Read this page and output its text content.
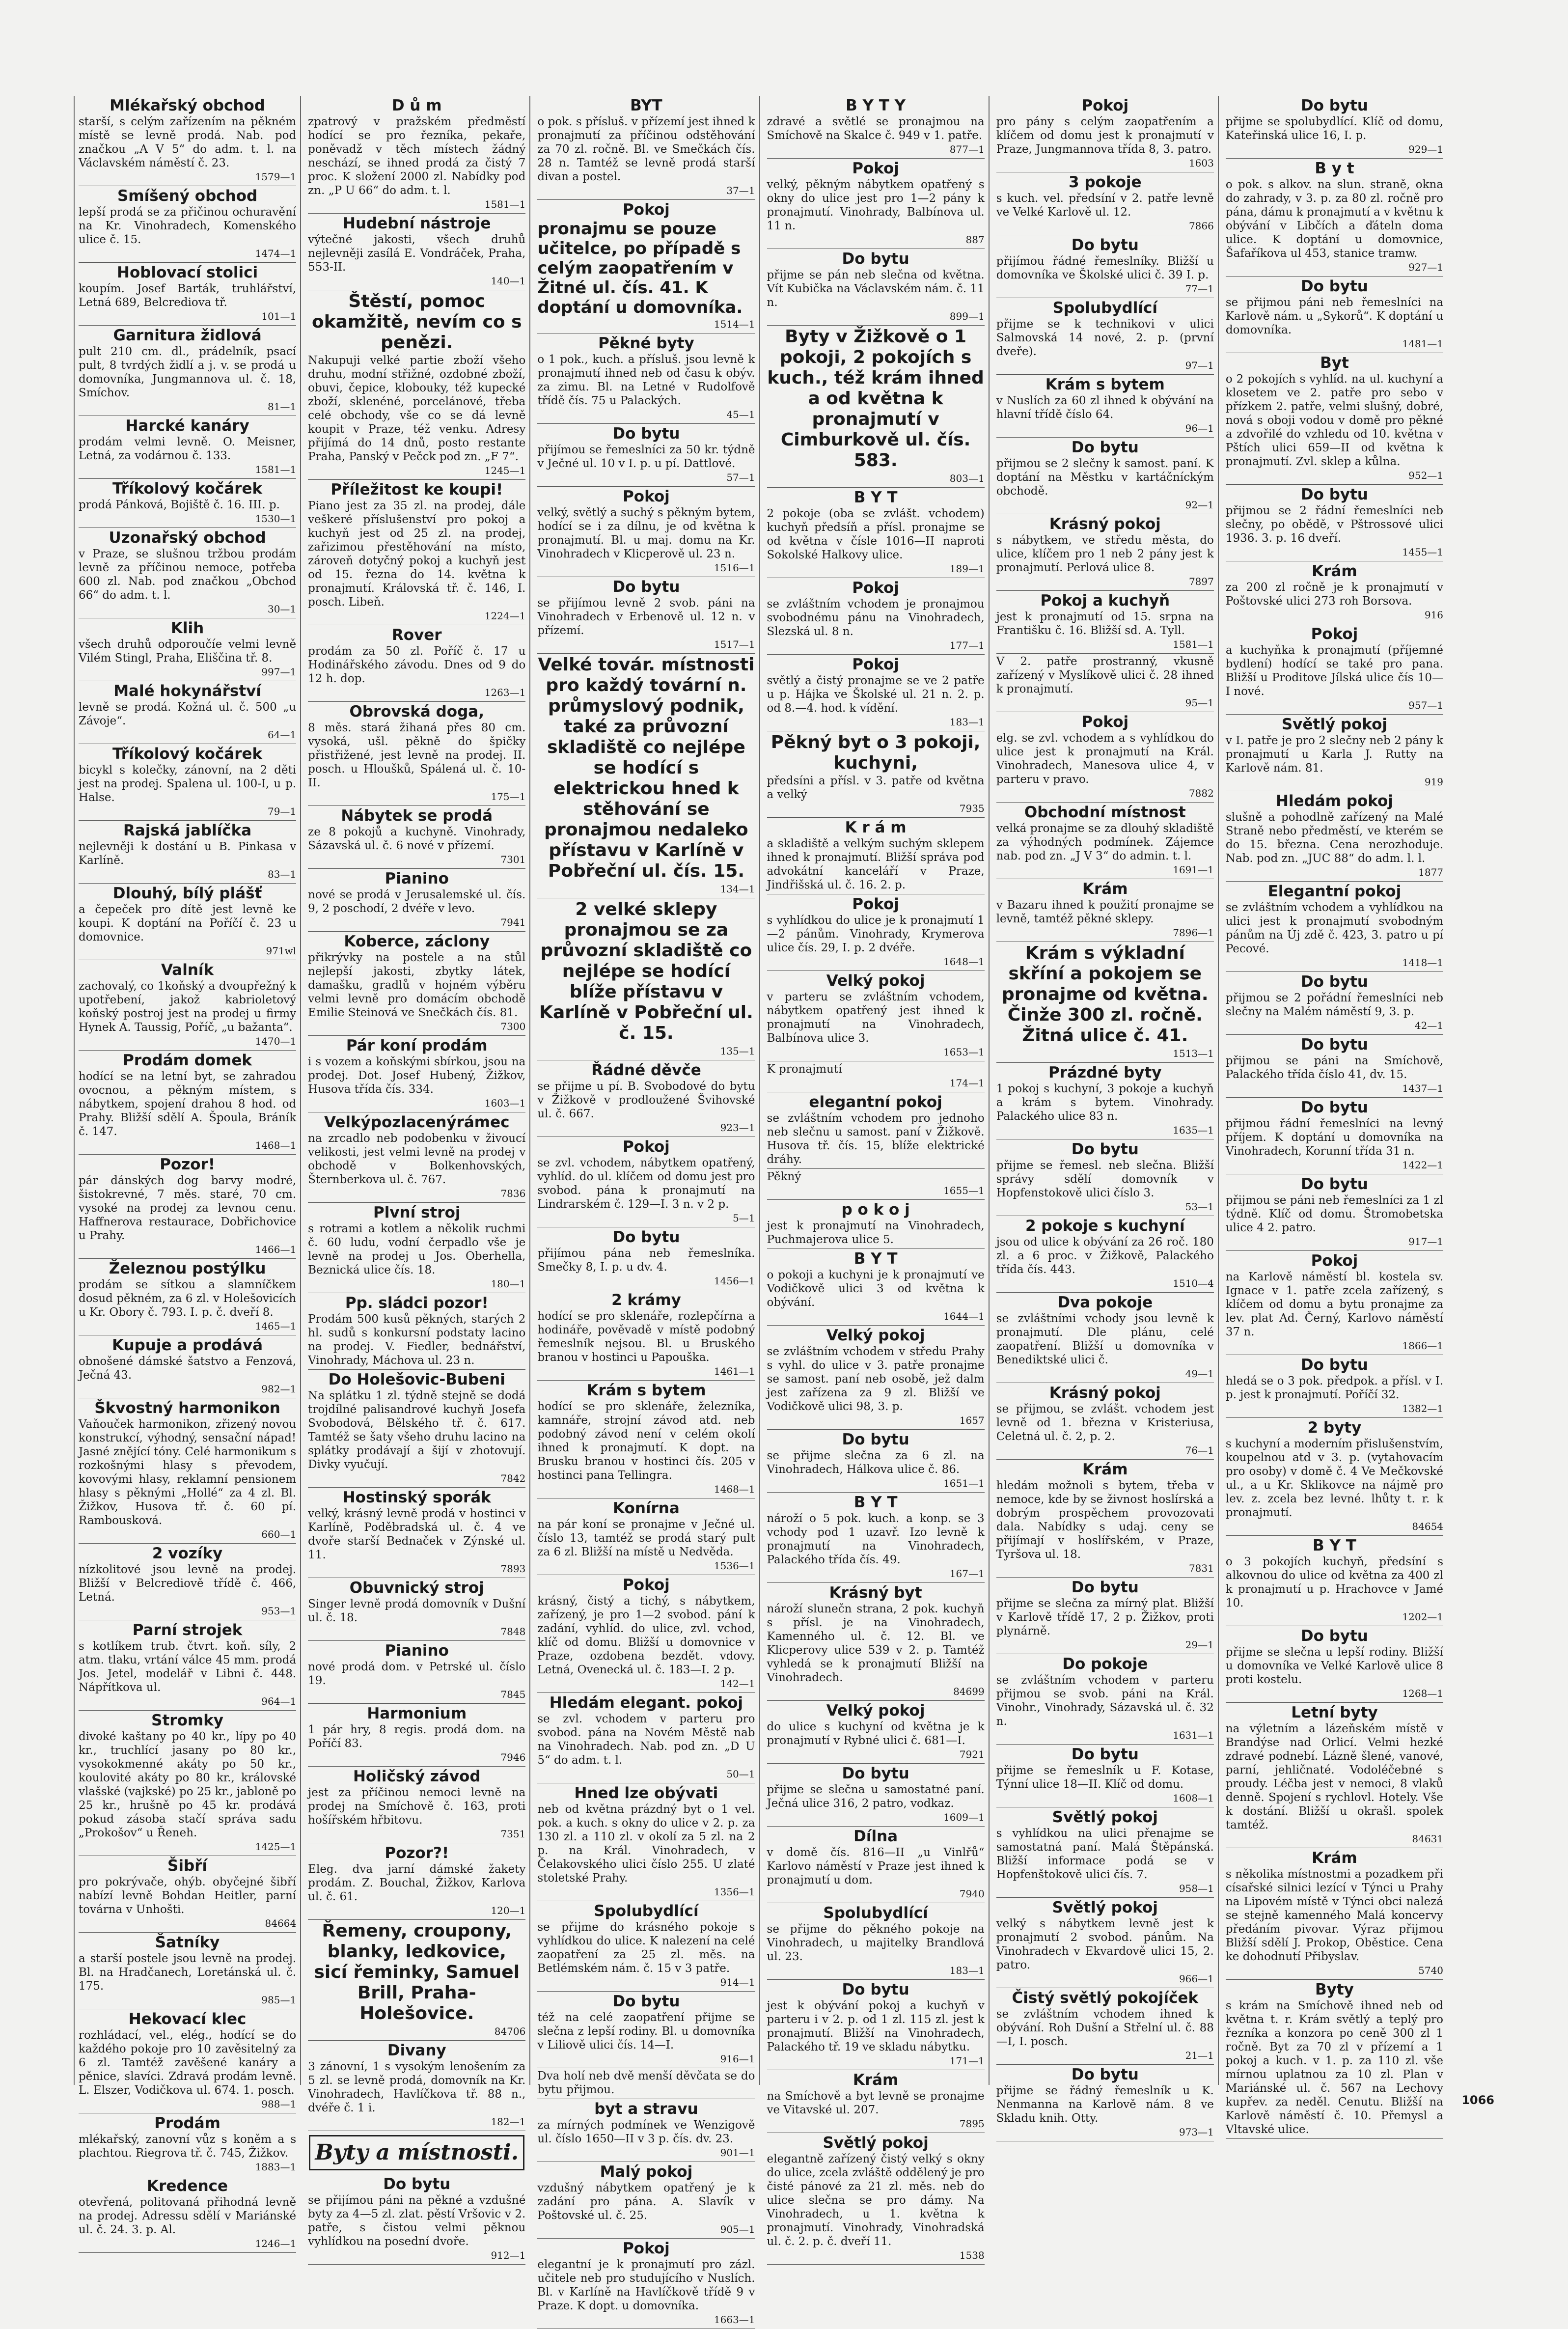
Mlékařský obchod
starší, s celým zařízením na pěkném místě se levně prodá. Nab. pod značkou „A V 5“ do adm. t. l. na Václavském náměstí č. 23.
1579—1
Smíšený obchod
lepší prodá se za přičinou ochuravění na Kr. Vinohradech, Komenského ulice č. 15.
1474—1
Hoblovací stolici
koupím. Josef Barták, truhlářství, Letná 689, Belcrediova tř.
101—1
Garnitura židlová
pult 210 cm. dl., prádelník, psací pult, 8 tvrdých židlí a j. v. se prodá u domovníka, Jungmannova ul. č. 18, Smíchov.
81—1
Harcké kanáry
prodám velmi levně. O. Meisner, Letná, za vodárnou č. 133.
1581—1
Tříkolový kočárek
prodá Pánková, Bojiště č. 16. III. p.
1530—1
Uzonařský obchod
v Praze, se slušnou tržbou prodám levně za příčinou nemoce, potřeba 600 zl. Nab. pod značkou „Obchod 66“ do adm. t. l.
30—1
Klih
všech druhů odporoučíe velmi levně Vilém Stingl, Praha, Eliščina tř. 8.
997—1
Malé hokynářství
levně se prodá. Kožná ul. č. 500 „u Závoje“.
64—1
Tříkolový kočárek
bicykl s kolečky, zánovní, na 2 děti jest na prodej. Spalena ul. 100-I, u p. Halse.
79—1
Rajská jablíčka
nejlevněji k dostání u B. Pinkasa v Karlíně.
83—1
Dlouhý, bílý plášť
a čepeček pro dítě jest levně ke koupi. K doptání na Poříčí č. 23 u domovnice.
971wl
Valník
zachovalý, co 1koňský a dvoupřežný k upotřebení, jakož kabrioletový koňský postroj jest na prodej u firmy Hynek A. Taussig, Poříč, „u bažanta“.
1470—1
Prodám domek
hodící se na letní byt, se zahradou ovocnou, a pěkným místem, s nábytkem, spojení drahou 8 hod. od Prahy. Bližší sdělí A. Špoula, Bráník č. 147.
1468—1
Pozor!
pár dánských dog barvy modré, šistokrevné, 7 měs. staré, 70 cm. vysoké na prodej za levnou cenu. Haffnerova restaurace, Dobřichovice u Prahy.
1466—1
Železnou postýlku
prodám se sítkou a slamníčkem dosud pěkném, za 6 zl. v Holešovicích u Kr. Obory č. 793. I. p. č. dveří 8.
1465—1
Kupuje a prodává
obnošené dámské šatstvo a Fenzová, Ječná 43.
982—1
Škvostný harmonikon
Vaňouček harmonikon, zřizený novou konstrukcí, výhodný, sensační nápad! Jasné znějící tóny. Celé harmonikum s rozkošnými hlasy s převodem, kovovými hlasy, reklamní pensionem hlasy s pěknými „Hollé“ za 4 zl. Bl. Žižkov, Husova tř. č. 60 pí. Rambousková.
660—1
2 vozíky
nízkolitové jsou levně na prodej. Bližší v Belcrediově třídě č. 466, Letná.
953—1
Parní strojek
s kotlíkem trub. čtvrt. koň. síly, 2 atm. tlaku, vrtání válce 45 mm. prodá Jos. Jetel, modelář v Libni č. 448. Nápřítkova ul.
964—1
Stromky
divoké kaštany po 40 kr., lípy po 40 kr., truchlící jasany po 80 kr., vysokokmenné akáty po 50 kr., koulovité akáty po 80 kr., královské vlašské (vajkské) po 25 kr., jabloně po 25 kr., hrušně po 45 kr. prodává pokud zásoba stačí správa sadu „Prokošov“ u Řeneh.
1425—1
Šibří
pro pokrývače, ohýb. obyčejné šibří nabízí levně Bohdan Heitler, parní továrna v Unhošti.
84664
Šatníky
a starší postele jsou levně na prodej. Bl. na Hradčanech, Loretánská ul. č. 175.
985—1
Hekovací klec
rozhládací, vel., elég., hodící se do každého pokoje pro 10 zavěsitelný za 6 zl. Tamtéž zavěšené kanáry a pěnice, slavíci. Zdravá prodám levně. L. Elszer, Vodičkova ul. 674. 1. posch.
988—1
Prodám
mlékařský, zanovní vůz s koněm a s plachtou. Riegrova tř. č. 745, Žižkov.
1883—1
Kredence
otevřená, politovaná přihodná levně na prodej. Adressu sdělí v Mariánské ul. č. 24. 3. p. Al.
1246—1
D ů m
zpatrový v pražském předměstí hodící se pro řezníka, pekaře, poněvadž v těch místech žádný neschází, se ihned prodá za čistý 7 proc. K složení 2000 zl. Nabídky pod zn. „P U 66“ do adm. t. l.
1581—1
Hudební nástroje
výtečné jakosti, všech druhů nejlevněji zasílá E. Vondráček, Praha, 553-II.
140—1
Štěstí, pomoc okamžitě, nevím co s penězi.
Nakupuji velké partie zboží všeho druhu, modní střižné, ozdobné zboží, obuvi, čepice, klobouky, též kupecké zboží, sklenéné, porcelánové, třeba celé obchody, vše co se dá levně koupit v Praze, též venku. Adresy přijímá do 14 dnů, posto restante Praha, Panský v Pečck pod zn. „F 7“.
1245—1
Příležitost ke koupi!
Piano jest za 35 zl. na prodej, dále veškeré příslušenství pro pokoj a kuchyň jest od 25 zl. na prodej, zařizimou přestěhování na místo, zároveň dotyčný pokoj a kuchyň jest od 15. řezna do 14. května k pronajmutí. Královská tř. č. 146, I. posch. Libeň.
1224—1
Rover
prodám za 50 zl. Poříč č. 17 u Hodinářského závodu. Dnes od 9 do 12 h. dop.
1263—1
Obrovská doga,
8 měs. stará žihaná přes 80 cm. vysoká, ušl. pěkně do špičky přistřižené, jest levně na prodej. II. posch. u Hloušků, Spálená ul. č. 10-II.
175—1
Nábytek se prodá
ze 8 pokojů a kuchyně. Vinohrady, Sázavská ul. č. 6 nové v přízemí.
7301
Pianino
nové se prodá v Jerusalemské ul. čís. 9, 2 poschodí, 2 dvéře v levo.
7941
Koberce, záclony
přikrývky na postele a na stůl nejlepší jakosti, zbytky látek, damašku, gradlů v hojném výběru velmi levně pro domácím obchodě Emilie Steinová ve Snečkách čís. 81.
7300
Pár koní prodám
i s vozem a koňskými sbírkou, jsou na prodej. Dot. Josef Hubený, Žižkov, Husova třída čís. 334.
1603—1
Velkýpozlacenýrámec
na zrcadlo neb podobenku v živoucí velikosti, jest velmi levně na prodej v obchodě v Bolkenhovských, Šternberkova ul. č. 767.
7836
Plvní stroj
s rotrami a kotlem a několik ruchmi č. 60 ludu, vodní čerpadlo vše je levně na prodej u Jos. Oberhella, Beznická ulice čís. 18.
180—1
Pp. sládci pozor!
Prodám 500 kusů pěkných, starých 2 hl. sudů s konkursní podstaty lacino na prodej. V. Fiedler, bednářství, Vinohrady, Máchova ul. 23 n.
Do Holešovic-Bubeni
Na splátku 1 zl. týdně stejně se dodá trojdílné palisandrové kuchyň Josefa Svobodová, Bělského tř. č. 617. Tamtéž se šaty všeho druhu lacino na splátky prodávají a šijí v zhotovují. Divky vyučují.
7842
Hostinský sporák
velký, krásný levně prodá v hostinci v Karlíně, Poděbradská ul. č. 4 ve dvoře starší Bednaček v Zýnské ul. 11.
7893
Obuvnický stroj
Singer levně prodá domovník v Dušní ul. č. 18.
7848
Pianino
nové prodá dom. v Petrské ul. číslo 19.
7845
Harmonium
1 pár hry, 8 regis. prodá dom. na Poříčí 83.
7946
Holičský závod
jest za příčinou nemoci levně na prodej na Smíchově č. 163, proti hošířském hřbitovu.
7351
Pozor?!
Eleg. dva jarní dámské žakety prodám. Z. Bouchal, Žižkov, Karlova ul. č. 61.
120—1
Řemeny, croupony, blanky, ledkovice, sicí řeminky, Samuel Brill, Praha-Holešovice.
84706
Divany
3 zánovní, 1 s vysokým lenošením za 5 zl. se levně prodá, domovník na Kr. Vinohradech, Havlíčkova tř. 88 n., dvéře č. 1 i.
182—1
Byty a místnosti.
Do bytu
se přijímou páni na pěkné a vzdušné byty za 4—5 zl. zlat. pěstí Vršovic v 2. patře, s čistou velmi pěknou vyhlídkou na posední dvoře.
912—1
BYT
o pok. s přísluš. v přízemí jest ihned k pronajmutí za příčinou odstěhování za 70 zl. ročně. Bl. ve Smečkách čís. 28 n. Tamtéž se levně prodá starší divan a postel.
37—1
Pokoj
pronajmu se pouze učitelce, po případě s celým zaopatřením v Žitné ul. čís. 41. K doptání u domovníka.
1514—1
Pěkné byty
o 1 pok., kuch. a přísluš. jsou levně k pronajmutí ihned neb od času k obýv. za zimu. Bl. na Letné v Rudolfově třídě čís. 75 u Palackých.
45—1
Do bytu
přijímou se řemeslníci za 50 kr. týdně v Ječné ul. 10 v I. p. u pí. Dattlové.
57—1
Pokoj
velký, světlý a suchý s pěkným bytem, hodící se i za dílnu, je od května k pronajmutí. Bl. u maj. domu na Kr. Vinohradech v Klicperově ul. 23 n.
1516—1
Do bytu
se přijímou levně 2 svob. páni na Vinohradech v Erbenově ul. 12 n. v přízemí.
1517—1
Velké továr. místnosti pro každý tovární n. průmyslový podnik, také za průvozní skladiště co nejlépe se hodící s elektrickou hned k stěhování se pronajmou nedaleko přístavu v Karlíně v Pobřeční ul. čís. 15.
134—1
2 velké sklepy pronajmou se za průvozní skladiště co nejlépe se hodící blíže přístavu v Karlíně v Pobřeční ul. č. 15.
135—1
Řádné děvče
se přijme u pí. B. Svobodové do bytu v Žižkově v prodloužené Švihovské ul. č. 667.
923—1
Pokoj
se zvl. vchodem, nábytkem opatřený, vyhlíd. do ul. klíčem od domu jest pro svobod. pána k pronajmutí na Lindrarském č. 129—I. 3 n. v 2 p.
5—1
Do bytu
přijímou pána neb řemeslníka. Smečky 8, I. p. u dv. 4.
1456—1
2 krámy
hodící se pro sklenáře, rozlepčírna a hodináře, pověvadě v místě podobný řemeslník nejsou. Bl. u Bruského branou v hostinci u Papouška.
1461—1
Krám s bytem
hodící se pro sklenáře, železníka, kamnáře, strojní závod atd. neb podobný závod není v celém okolí ihned k pronajmutí. K dopt. na Brusku branou v hostinci čís. 205 v hostinci pana Tellingra.
1468—1
Konírna
na pár koní se pronajme v Ječné ul. číslo 13, tamtéž se prodá starý pult za 6 zl. Bližší na místě u Nedvěda.
1536—1
Pokoj
krásný, čistý a tichý, s nábytkem, zařízený, je pro 1—2 svobod. pání k zadání, vyhlíd. do ulice, zvl. vchod, klíč od domu. Bližší u domovnice v Praze, ozdobena bezdět. vdovy. Letná, Ovenecká ul. č. 183—I. 2 p.
142—1
Hledám elegant. pokoj
se zvl. vchodem v parteru pro svobod. pána na Novém Městě nab na Vinohradech. Nab. pod zn. „D U 5“ do adm. t. l.
50—1
Hned lze obývati
neb od května prázdný byt o 1 vel. pok. a kuch. s okny do ulice v 2. p. za 130 zl. a 110 zl. v okolí za 5 zl. na 2 p. na Král. Vinohradech, v Čelakovského ulici číslo 255. U zlaté stoletské Prahy.
1356—1
Spolubydlící
se přijme do krásného pokoje s vyhlídkou do ulice. K nalezení na celé zaopatření za 25 zl. měs. na Betlémském nám. č. 15 v 3 patře.
914—1
Do bytu
též na celé zaopatření přijme se slečna z lepší rodiny. Bl. u domovníka v Liliově ulici čís. 14—I.
916—1
Dva holí neb dvě menší děvčata se do bytu přijmou.
byt a stravu
za mírných podmínek ve Wenzigově ul. číslo 1650—II v 3 p. čís. dv. 23.
901—1
Malý pokoj
vzdušný nábytkem opatřený je k zadání pro pána. A. Slavík v Poštovské ul. č. 25.
905—1
Pokoj
elegantní je k pronajmutí pro zázl. učitele neb pro studujícího v Nuslích. Bl. v Karlíně na Havlíčkově třídě 9 v Praze. K dopt. u domovníka.
1663—1
B Y T Y
zdravé a světlé se pronajmou na Smíchově na Skalce č. 949 v 1. patře.
877—1
Pokoj
velký, pěkným nábytkem opatřený s okny do ulice jest pro 1—2 pány k pronajmutí. Vinohrady, Balbínova ul. 11 n.
887
Do bytu
přijme se pán neb slečna od května. Vít Kubička na Václavském nám. č. 11 n.
899—1
Byty v Žižkově o 1 pokoji, 2 pokojích s kuch., též krám ihned a od května k pronajmutí v Cimburkově ul. čís. 583.
803—1
B Y T
2 pokoje (oba se zvlášt. vchodem) kuchyň předsíň a přísl. pronajme se od května v čísle 1016—II naproti Sokolské Halkovy ulice.
189—1
Pokoj
se zvláštním vchodem je pronajmou svobodnému pánu na Vinohradech, Slezská ul. 8 n.
177—1
Pokoj
světlý a čistý pronajme se ve 2 patře u p. Hájka ve Školské ul. 21 n. 2. p. od 8.—4. hod. k vídění.
183—1
Pěkný byt o 3 pokoji, kuchyni,
předsíni a přísl. v 3. patře od května a velký
7935
K r á m
a skladiště a velkým suchým sklepem ihned k pronajmutí. Bližší správa pod advokátní kanceláří v Praze, Jindřišská ul. č. 16. 2. p.
Pokoj
s vyhlídkou do ulice je k pronajmutí 1—2 pánům. Vinohrady, Krymerova ulice čís. 29, I. p. 2 dvéře.
1648—1
Velký pokoj
v parteru se zvláštním vchodem, nábytkem opatřený jest ihned k pronajmutí na Vinohradech, Balbínova ulice 3.
1653—1
K pronajmutí
174—1
elegantní pokoj
se zvláštním vchodem pro jednoho neb slečnu u samost. paní v Žižkově. Husova tř. čís. 15, blíže elektrické dráhy.
Pěkný
1655—1
p o k o j
jest k pronajmutí na Vinohradech, Puchmajerova ulice 5.
B Y T
o pokoji a kuchyni je k pronajmutí ve Vodičkově ulici 3 od května k obývání.
1644—1
Velký pokoj
se zvláštním vchodem v středu Prahy s vyhl. do ulice v 3. patře pronajme se samost. paní neb osobě, jež dalm jest zařízena za 9 zl. Bližší ve Vodičkově ulici 98, 3. p.
1657
Do bytu
se přijme slečna za 6 zl. na Vinohradech, Hálkova ulice č. 86.
1651—1
B Y T
nároží o 5 pok. kuch. a konp. se 3 vchody pod 1 uzavř. Izo levně k pronajmutí na Vinohradech, Palackého třída čís. 49.
167—1
Krásný byt
nároží slunečn strana, 2 pok. kuchyň s přísl. je na Vinohradech, Kamenného ul. č. 12. Bl. ve Klicperovy ulice 539 v 2. p. Tamtéž vyhledá se k pronajmutí Bližší na Vinohradech.
84699
Velký pokoj
do ulice s kuchyní od května je k pronajmutí v Rybné ulici č. 681—I.
7921
Do bytu
přijme se slečna u samostatné paní. Ječná ulice 316, 2 patro, vodkaz.
1609—1
Dílna
v domě čís. 816—II „u Vinlřů“ Karlovo náměstí v Praze jest ihned k pronajmutí u dom.
7940
Spolubydlící
se přijme do pěkného pokoje na Vinohradech, u majitelky Brandlová ul. 23.
183—1
Do bytu
jest k obývání pokoj a kuchyň v parteru i v 2. p. od 1 zl. 115 zl. jest k pronajmutí. Bližší na Vinohradech, Palackého tř. 19 ve skladu nábytku.
171—1
Krám
na Smíchově a byt levně se pronajme ve Vitavské ul. 207.
7895
Světlý pokoj
elegantně zařízený čistý velký s okny do ulice, zcela zvláště oddělený je pro čisté pánové za 21 zl. měs. neb do ulice slečna se pro dámy. Na Vinohradech, u 1. května k pronajmutí. Vinohrady, Vinohradská ul. č. 2. p. č. dveří 11.
1538
Pokoj
pro pány s celým zaopatřením a klíčem od domu jest k pronajmutí v Praze, Jungmannova třída 8, 3. patro.
1603
3 pokoje
s kuch. vel. předsíní v 2. patře levně ve Velké Karlově ul. 12.
7866
Do bytu
přijímou řádné řemeslníky. Bližší u domovníka ve Školské ulici č. 39 I. p.
77—1
Spolubydlící
přijme se k technikovi v ulici Salmovská 14 nové, 2. p. (první dveře).
97—1
Krám s bytem
v Nuslích za 60 zl ihned k obývání na hlavní třídě číslo 64.
96—1
Do bytu
přijmou se 2 slečny k samost. paní. K doptání na Městku v kartáčníckým obchodě.
92—1
Krásný pokoj
s nábytkem, ve středu města, do ulice, klíčem pro 1 neb 2 pány jest k pronajmutí. Perlová ulice 8.
7897
Pokoj a kuchyň
jest k pronajmutí od 15. srpna na Františku č. 16. Bližší sd. A. Tyll.
1581—1
V 2. patře prostranný, vkusně zařízený v Myslíkově ulici č. 28 ihned k pronajmutí.
95—1
Pokoj
elg. se zvl. vchodem a s vyhlídkou do ulice jest k pronajmutí na Král. Vinohradech, Manesova ulice 4, v parteru v pravo.
7882
Obchodní místnost
velká pronajme se za dlouhý skladiště za výhodných podmínek. Zájemce nab. pod zn. „J V 3“ do admin. t. l.
1691—1
Krám
v Bazaru ihned k použití pronajme se levně, tamtéž pěkné sklepy.
7896—1
Krám s výkladní skříní a pokojem se pronajme od května. Činže 300 zl. ročně. Žitná ulice č. 41.
1513—1
Prázdné byty
1 pokoj s kuchyní, 3 pokoje a kuchyň a krám s bytem. Vinohrady. Palackého ulice 83 n.
1635—1
Do bytu
přijme se řemesl. neb slečna. Bližší správy sdělí domovník v Hopfenstokově ulici číslo 3.
53—1
2 pokoje s kuchyní
jsou od ulice k obývání za 26 roč. 180 zl. a 6 proc. v Žižkově, Palackého třída čís. 443.
1510—4
Dva pokoje
se zvláštními vchody jsou levně k pronajmutí. Dle plánu, celé zaopatření. Bližší u domovníka v Benediktské ulici č.
49—1
Krásný pokoj
se přijmou, se zvlášt. vchodem jest levně od 1. března v Kristeriusa, Celetná ul. č. 2, p. 2.
76—1
Krám
hledám možnoli s bytem, třeba v nemoce, kde by se živnost hoslírská a dobrým prospěchem provozovati dala. Nabídky s udaj. ceny se přijímají v hoslířském, v Praze, Tyršova ul. 18.
7831
Do bytu
přijme se slečna za mírný plat. Bližší v Karlově třídě 17, 2 p. Žižkov, proti plynárně.
29—1
Do pokoje
se zvláštním vchodem v parteru přijmou se svob. páni na Král. Vinohr., Vinohrady, Sázavská ul. č. 32 n.
1631—1
Do bytu
přijme se řemeslník u F. Kotase, Týnní ulice 18—II. Klíč od domu.
1608—1
Světlý pokoj
s vyhlídkou na ulici přenajme se samostatná paní. Malá Štěpánská. Bližší informace podá se v Hopfenštokově ulici čís. 7.
958—1
Světlý pokoj
velký s nábytkem levně jest k pronajmutí 2 svobod. pánům. Na Vinohradech v Ekvardově ulici 15, 2. patro.
966—1
Čistý světlý pokojíček
se zvláštním vchodem ihned k obývání. Roh Dušní a Střelní ul. č. 88—I, I. posch.
21—1
Do bytu
přijme se řádný řemeslník u K. Nenmanna na Karlově nám. 8 ve Skladu knih. Otty.
973—1
Do bytu
přijme se spolubydlící. Klíč od domu, Kateřinská ulice 16, I. p.
929—1
B y t
o pok. s alkov. na slun. straně, okna do zahrady, v 3. p. za 80 zl. ročně pro pána, dámu k pronajmutí a v květnu k obývání v Libčích a ďáteln doma ulice. K doptání u domovnice, Šafaříkova ul 453, stanice tramw.
927—1
Do bytu
se přijmou páni neb řemeslníci na Karlově nám. u „Sykorů“. K doptání u domovníka.
1481—1
Byt
o 2 pokojích s vyhlíd. na ul. kuchyní a klosetem ve 2. patře pro sebo v přízkem 2. patře, velmi slušný, dobré, nová s oboji vodou v domě pro pěkné a zdvořilé do vzhledu od 10. května v Pštích ulici 659—II od května k pronajmutí. Zvl. sklep a kůlna.
952—1
Do bytu
přijmou se 2 řádní řemeslníci neb slečny, po obědě, v Pštrossové ulici 1936. 3. p. 16 dveří.
1455—1
Krám
za 200 zl ročně je k pronajmutí v Poštovské ulici 273 roh Borsova.
916
Pokoj
a kuchyňka k pronajmutí (příjemné bydlení) hodící se také pro pana. Bližší u Proditove Jílská ulice čís 10—I nové.
957—1
Světlý pokoj
v I. patře je pro 2 slečny neb 2 pány k pronajmutí u Karla J. Rutty na Karlově nám. 81.
919
Hledám pokoj
slušně a pohodlně zařízený na Malé Straně nebo předměstí, ve kterém se do 15. března. Cena nerozhoduje. Nab. pod zn. „JUC 88“ do adm. l. l.
1877
Elegantní pokoj
se zvláštním vchodem a vyhlídkou na ulici jest k pronajmutí svobodným pánům na Új zdě č. 423, 3. patro u pí Pecové.
1418—1
Do bytu
přijmou se 2 pořádní řemeslníci neb slečny na Malém náměstí 9, 3. p.
42—1
Do bytu
přijmou se páni na Smíchově, Palackého třída číslo 41, dv. 15.
1437—1
Do bytu
přijmou řádní řemeslníci na levný příjem. K doptání u domovníka na Vinohradech, Korunní třída 31 n.
1422—1
Do bytu
přijmou se páni neb řemeslníci za 1 zl týdně. Klíč od domu. Štromobetska ulice 4 2. patro.
917—1
Pokoj
na Karlově náměstí bl. kostela sv. Ignace v 1. patře zcela zařízený, s klíčem od domu a bytu pronajme za lev. plat Ad. Černý, Karlovo náměstí 37 n.
1866—1
Do bytu
hledá se o 3 pok. předpok. a přísl. v I. p. jest k pronajmutí. Poříčí 32.
1382—1
2 byty
s kuchyní a moderním přislušenstvím, koupelnou atd v 3. p. (vytahovacím pro osoby) v domě č. 4 Ve Mečkovské ul., a u Kr. Sklikovce na nájmě pro lev. z. zcela bez levné. lhůty t. r. k pronajmutí.
84654
B Y T
o 3 pokojích kuchyň, předsíní s alkovnou do ulice od května za 400 zl k pronajmutí u p. Hrachovce v Jamé 10.
1202—1
Do bytu
přijme se slečna u lepší rodiny. Bližší u domovníka ve Velké Karlově ulice 8 proti kostelu.
1268—1
Letní byty
na výletním a lázeňském místě v Brandýse nad Orlicí. Velmi hezké zdravé podnebí. Lázně šlené, vanové, parní, jehličnaté. Vodoléčebné s proudy. Léčba jest v nemoci, 8 vlaků denně. Spojení s rychlovl. Hotely. Vše k dostání. Bližší u okrašl. spolek tamtéž.
84631
Krám
s několika místnostmi a pozadkem při císařské silnici lezící v Týnci u Prahy na Lipovém místě v Týnci obci nalezá se stejně kamenného Malá koncervy předáním pivovar. Výraz přijmou Bližší sdělí J. Prokop, Oběstice. Cena ke dohodnutí Přibyslav.
5740
Byty
s krám na Smíchově ihned neb od května t. r. Krám světlý a teplý pro řezníka a konzora po ceně 300 zl 1 ročně. Byt za 70 zl v přízemí a 1 pokoj a kuch. v 1. p. za 110 zl. vše mírnou uplatnou za 10 zl. Plan v Mariánské ul. č. 567 na Lechovy kupřev. za neděl. Cenutu. Bližší na Karlově náměstí č. 10. Přemysl a Vltavské ulice.
1066
